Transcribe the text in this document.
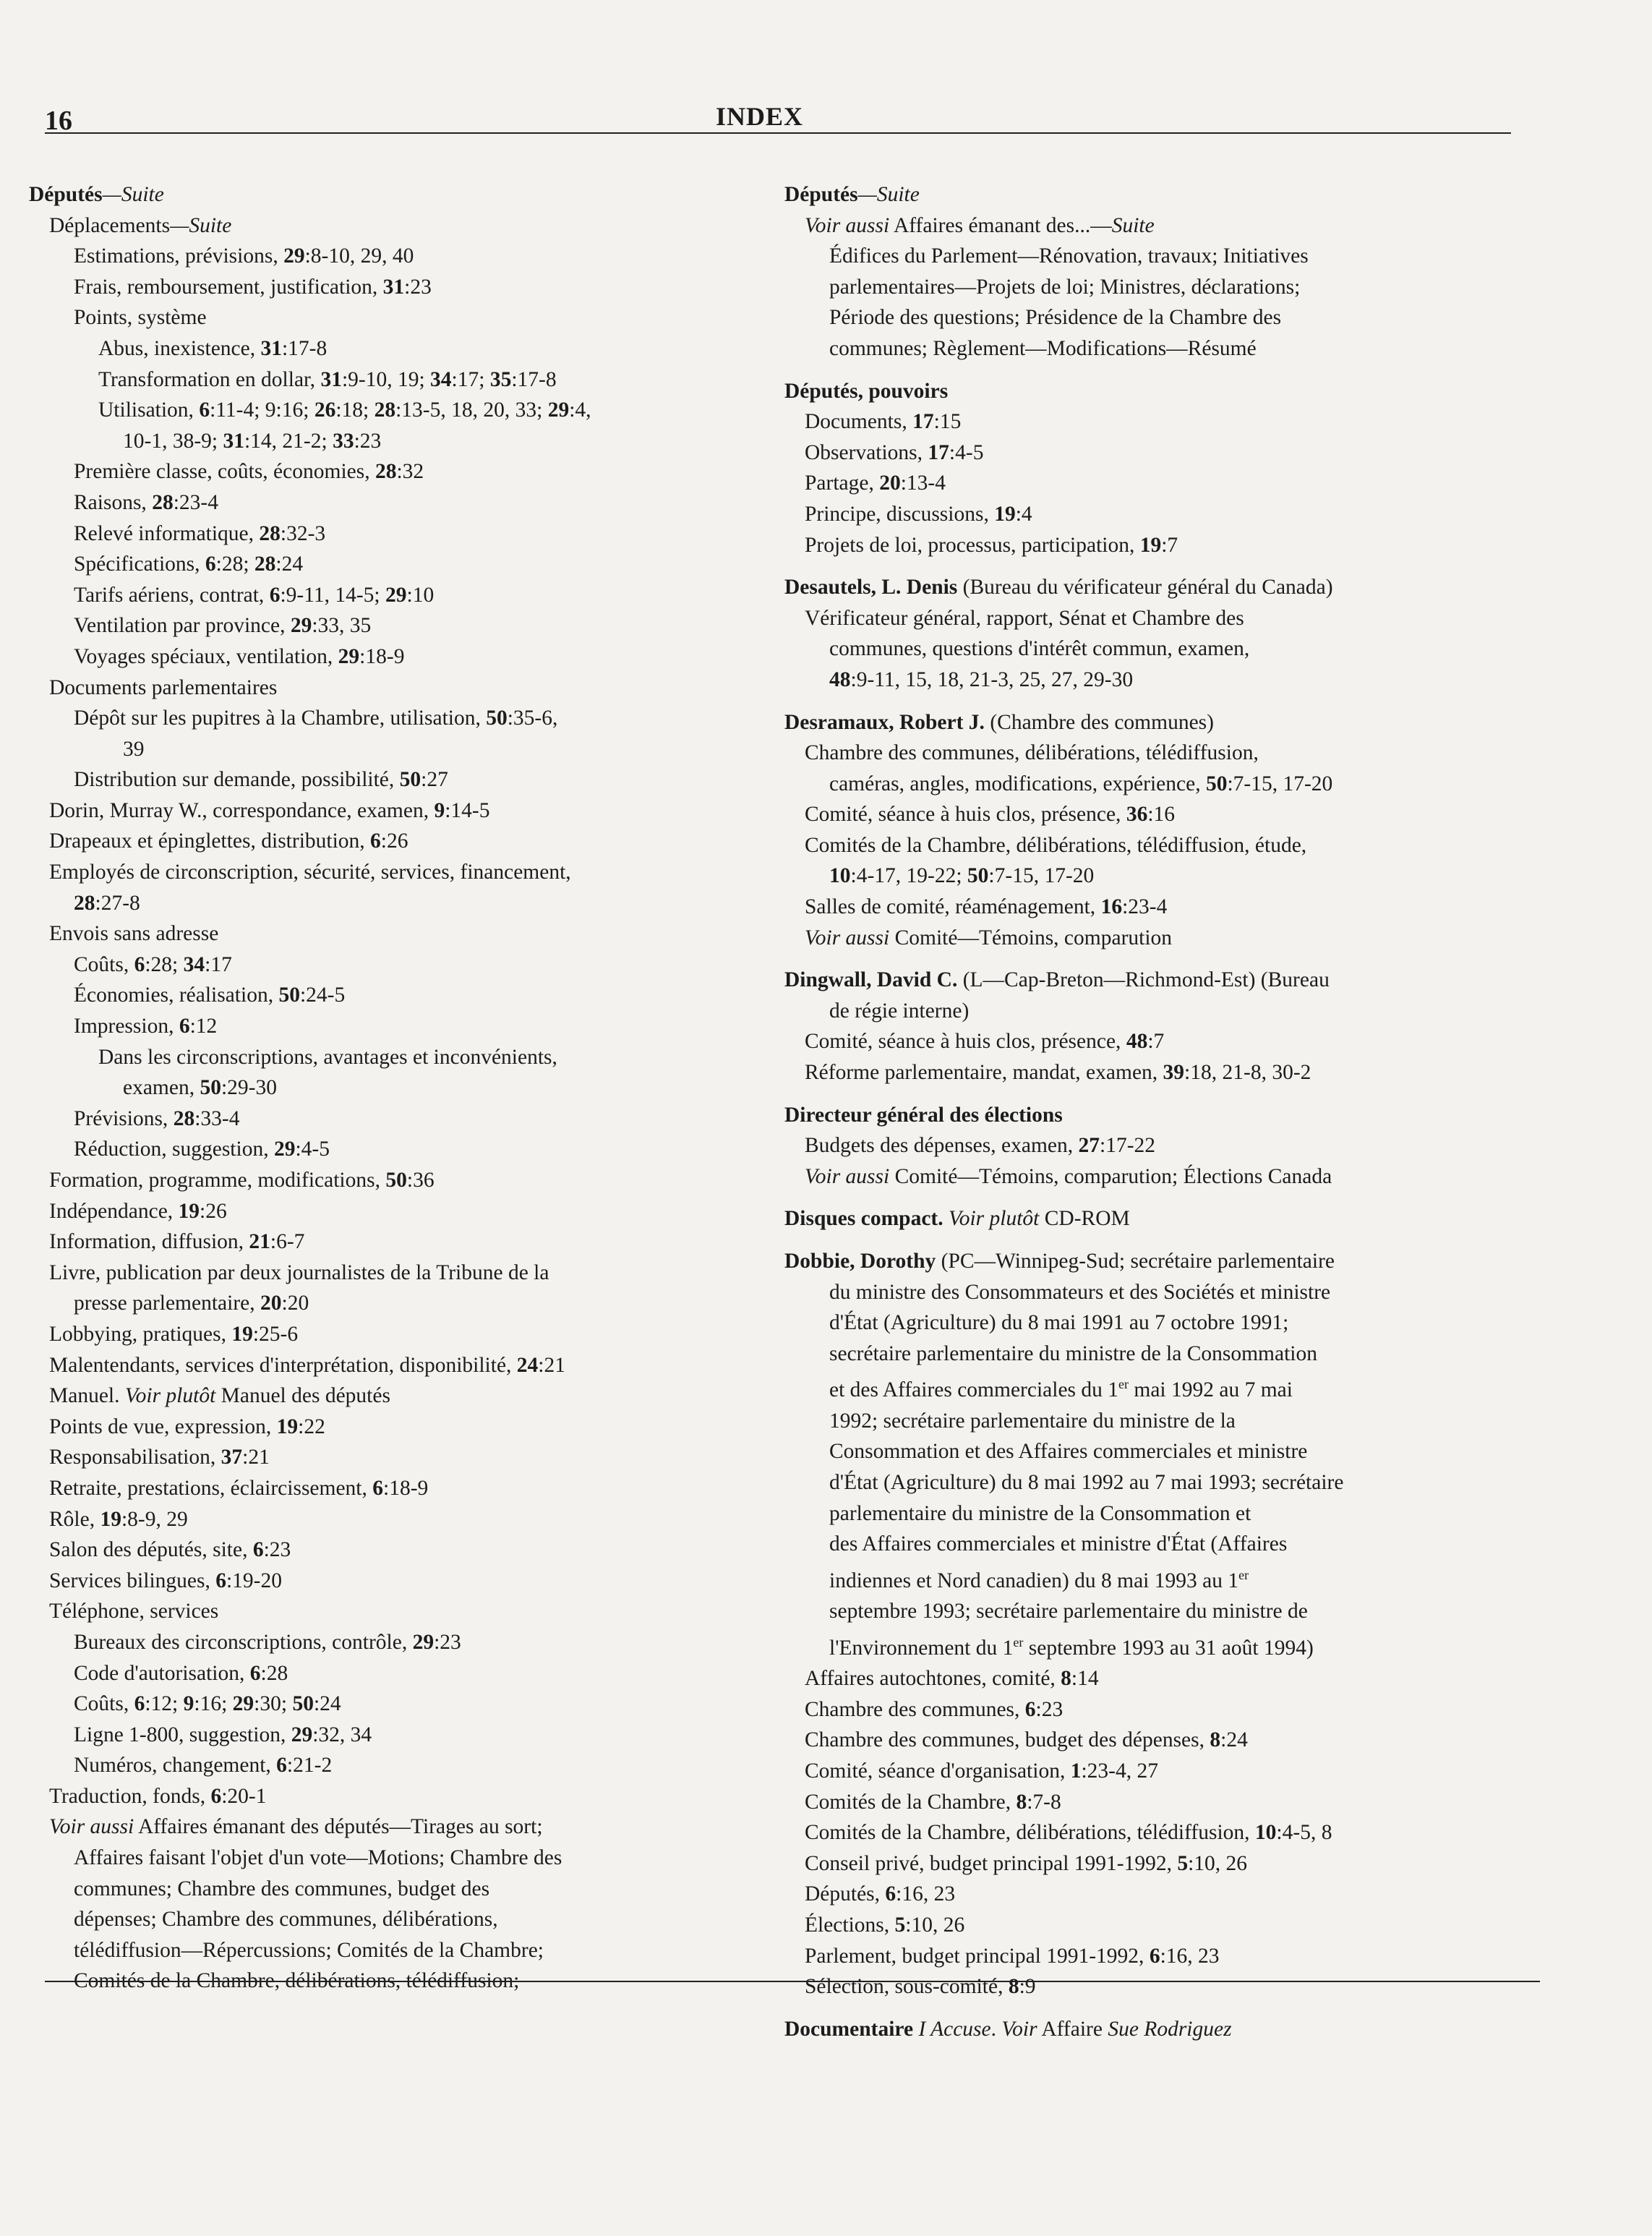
16	INDEX
Députés—Suite
Déplacements—Suite
Estimations, prévisions, 29:8-10, 29, 40
Frais, remboursement, justification, 31:23
Points, système
Abus, inexistence, 31:17-8
Transformation en dollar, 31:9-10, 19; 34:17; 35:17-8
Utilisation, 6:11-4; 9:16; 26:18; 28:13-5, 18, 20, 33; 29:4,
10-1, 38-9; 31:14, 21-2; 33:23
Première classe, coûts, économies, 28:32
Raisons, 28:23-4
Relevé informatique, 28:32-3
Spécifications, 6:28; 28:24
Tarifs aériens, contrat, 6:9-11, 14-5; 29:10
Ventilation par province, 29:33, 35
Voyages spéciaux, ventilation, 29:18-9
Documents parlementaires
Dépôt sur les pupitres à la Chambre, utilisation, 50:35-6,
39
Distribution sur demande, possibilité, 50:27
Dorin, Murray W., correspondance, examen, 9:14-5
Drapeaux et épinglettes, distribution, 6:26
Employés de circonscription, sécurité, services, financement,
28:27-8
Envois sans adresse
Coûts, 6:28; 34:17
Économies, réalisation, 50:24-5
Impression, 6:12
Dans les circonscriptions, avantages et inconvénients,
examen, 50:29-30
Prévisions, 28:33-4
Réduction, suggestion, 29:4-5
Formation, programme, modifications, 50:36
Indépendance, 19:26
Information, diffusion, 21:6-7
Livre, publication par deux journalistes de la Tribune de la
presse parlementaire, 20:20
Lobbying, pratiques, 19:25-6
Malentendants, services d'interprétation, disponibilité, 24:21
Manuel. Voir plutôt Manuel des députés
Points de vue, expression, 19:22
Responsabilisation, 37:21
Retraite, prestations, éclaircissement, 6:18-9
Rôle, 19:8-9, 29
Salon des députés, site, 6:23
Services bilingues, 6:19-20
Téléphone, services
Bureaux des circonscriptions, contrôle, 29:23
Code d'autorisation, 6:28
Coûts, 6:12; 9:16; 29:30; 50:24
Ligne 1-800, suggestion, 29:32, 34
Numéros, changement, 6:21-2
Traduction, fonds, 6:20-1
Voir aussi Affaires émanant des députés—Tirages au sort;
Affaires faisant l'objet d'un vote—Motions; Chambre des
communes; Chambre des communes, budget des
dépenses; Chambre des communes, délibérations,
télédiffusion—Répercussions; Comités de la Chambre;
Comités de la Chambre, délibérations, télédiffusion;
Députés—Suite
Voir aussi Affaires émanant des...—Suite
Édifices du Parlement—Rénovation, travaux; Initiatives
parlementaires—Projets de loi; Ministres, déclarations;
Période des questions; Présidence de la Chambre des
communes; Règlement—Modifications—Résumé
Députés, pouvoirs
Documents, 17:15
Observations, 17:4-5
Partage, 20:13-4
Principe, discussions, 19:4
Projets de loi, processus, participation, 19:7
Desautels, L. Denis (Bureau du vérificateur général du Canada)
Vérificateur général, rapport, Sénat et Chambre des
communes, questions d'intérêt commun, examen,
48:9-11, 15, 18, 21-3, 25, 27, 29-30
Desramaux, Robert J. (Chambre des communes)
Chambre des communes, délibérations, télédiffusion,
caméras, angles, modifications, expérience, 50:7-15, 17-20
Comité, séance à huis clos, présence, 36:16
Comités de la Chambre, délibérations, télédiffusion, étude,
10:4-17, 19-22; 50:7-15, 17-20
Salles de comité, réaménagement, 16:23-4
Voir aussi Comité—Témoins, comparution
Dingwall, David C. (L—Cap-Breton—Richmond-Est) (Bureau
de régie interne)
Comité, séance à huis clos, présence, 48:7
Réforme parlementaire, mandat, examen, 39:18, 21-8, 30-2
Directeur général des élections
Budgets des dépenses, examen, 27:17-22
Voir aussi Comité—Témoins, comparution; Élections Canada
Disques compact. Voir plutôt CD-ROM
Dobbie, Dorothy (PC—Winnipeg-Sud; secrétaire parlementaire
du ministre des Consommateurs et des Sociétés et ministre
d'État (Agriculture) du 8 mai 1991 au 7 octobre 1991;
secrétaire parlementaire du ministre de la Consommation
et des Affaires commerciales du 1er mai 1992 au 7 mai
1992; secrétaire parlementaire du ministre de la
Consommation et des Affaires commerciales et ministre
d'État (Agriculture) du 8 mai 1992 au 7 mai 1993; secrétaire
parlementaire du ministre de la Consommation et
des Affaires commerciales et ministre d'État (Affaires
indiennes et Nord canadien) du 8 mai 1993 au 1er
septembre 1993; secrétaire parlementaire du ministre de
l'Environnement du 1er septembre 1993 au 31 août 1994)
Affaires autochtones, comité, 8:14
Chambre des communes, 6:23
Chambre des communes, budget des dépenses, 8:24
Comité, séance d'organisation, 1:23-4, 27
Comités de la Chambre, 8:7-8
Comités de la Chambre, délibérations, télédiffusion, 10:4-5, 8
Conseil privé, budget principal 1991-1992, 5:10, 26
Députés, 6:16, 23
Élections, 5:10, 26
Parlement, budget principal 1991-1992, 6:16, 23
Sélection, sous-comité, 8:9
Documentaire I Accuse. Voir Affaire Sue Rodriguez
